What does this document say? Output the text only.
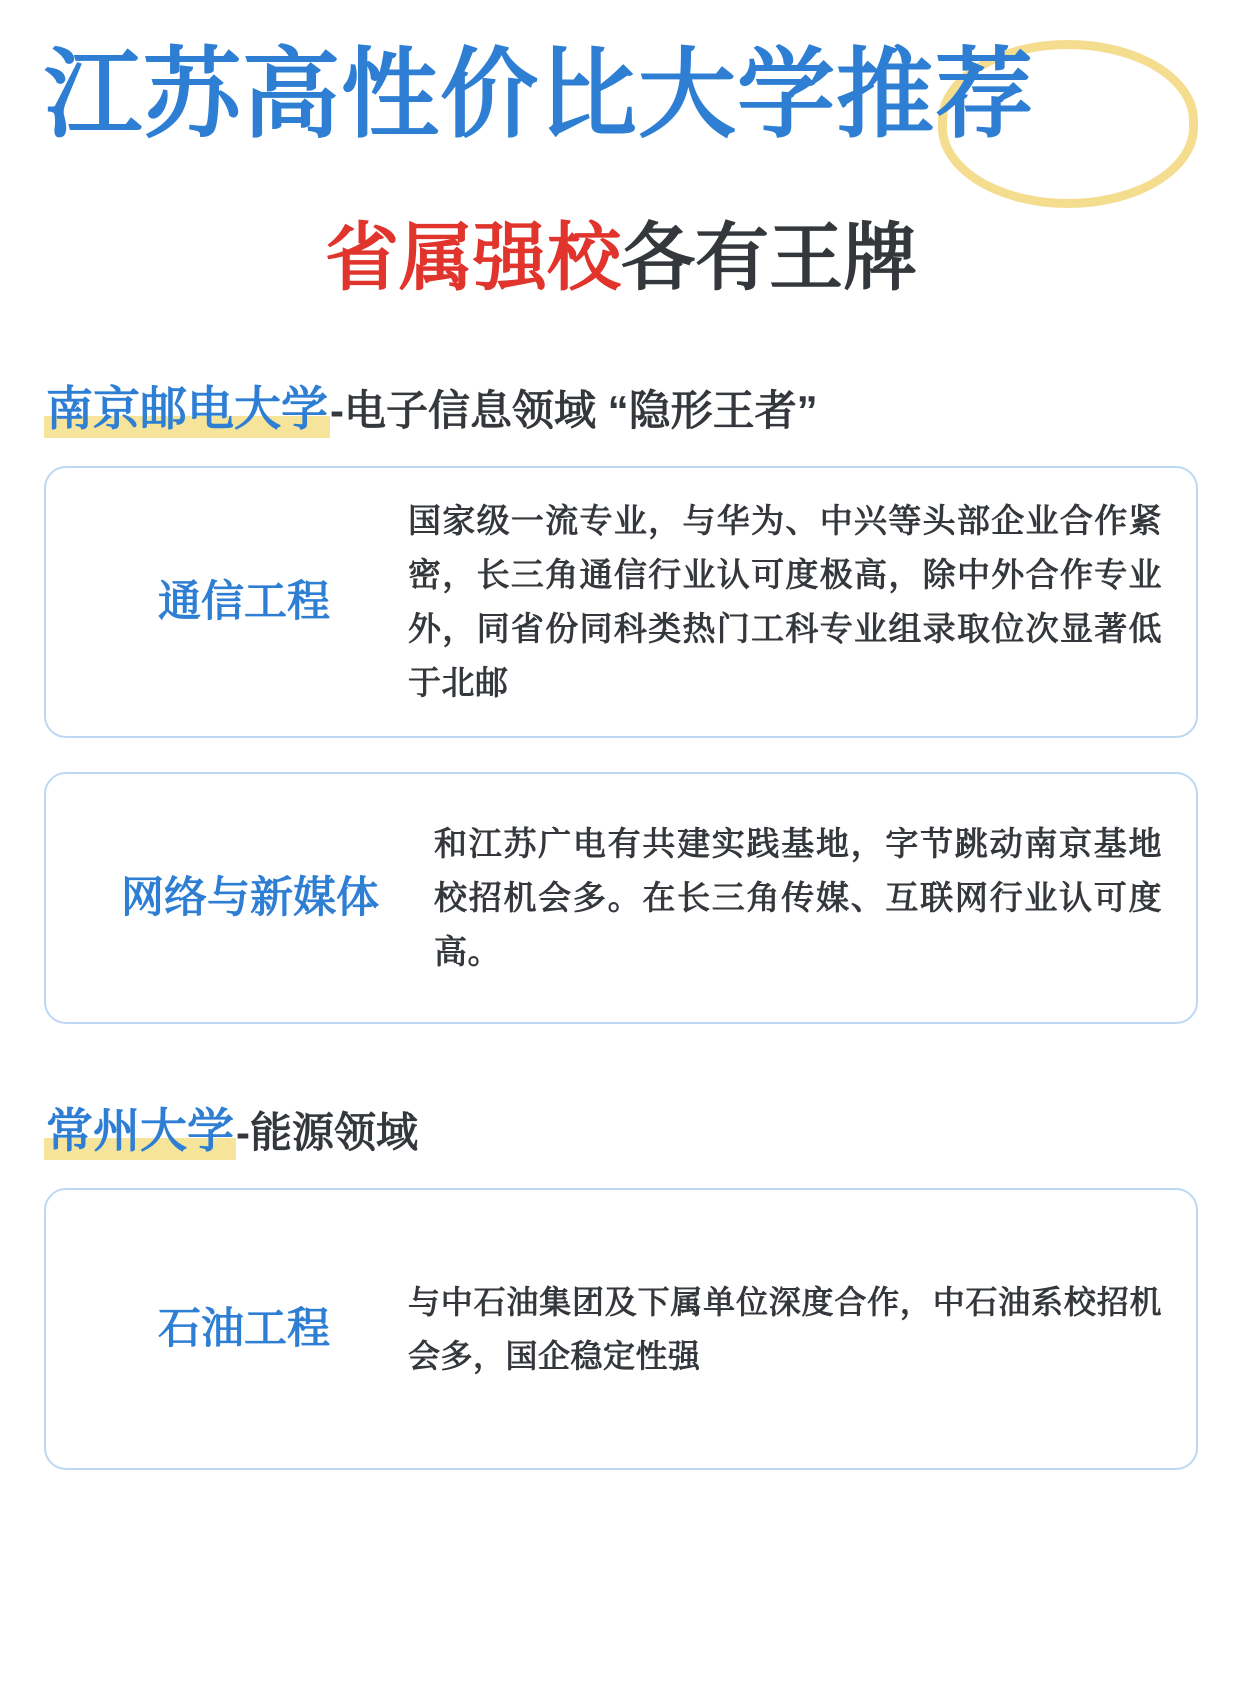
江苏高性价比大学推荐
省属强校各有王牌
南京邮电大学 -电子信息领域 “隐形王者”
通信工程
国家级一流专业，与华为、中兴等头部企业合作紧密，长三角通信行业认可度极高，除中外合作专业外，同省份同科类热门工科专业组录取位次显著低于北邮
网络与新媒体
和江苏广电有共建实践基地，字节跳动南京基地校招机会多。在长三角传媒、互联网行业认可度高。
常州大学 -能源领域
石油工程
与中石油集团及下属单位深度合作，中石油系校招机会多，国企稳定性强
